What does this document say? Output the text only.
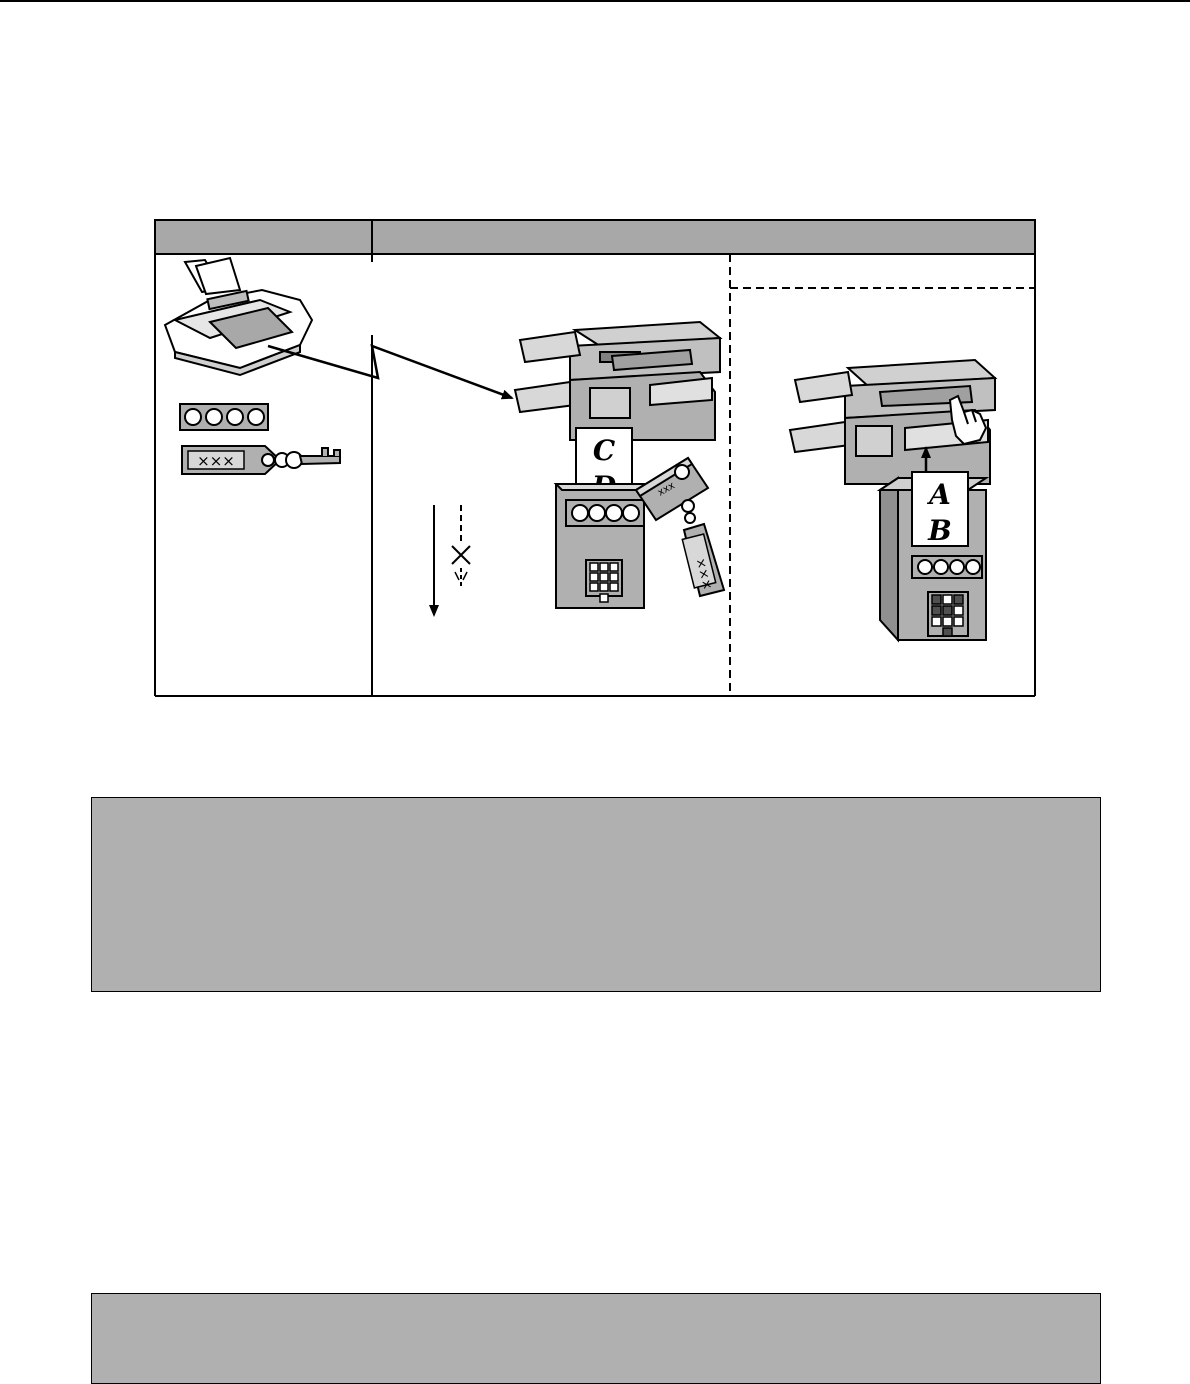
×××	C
xxx
×××
A
B
